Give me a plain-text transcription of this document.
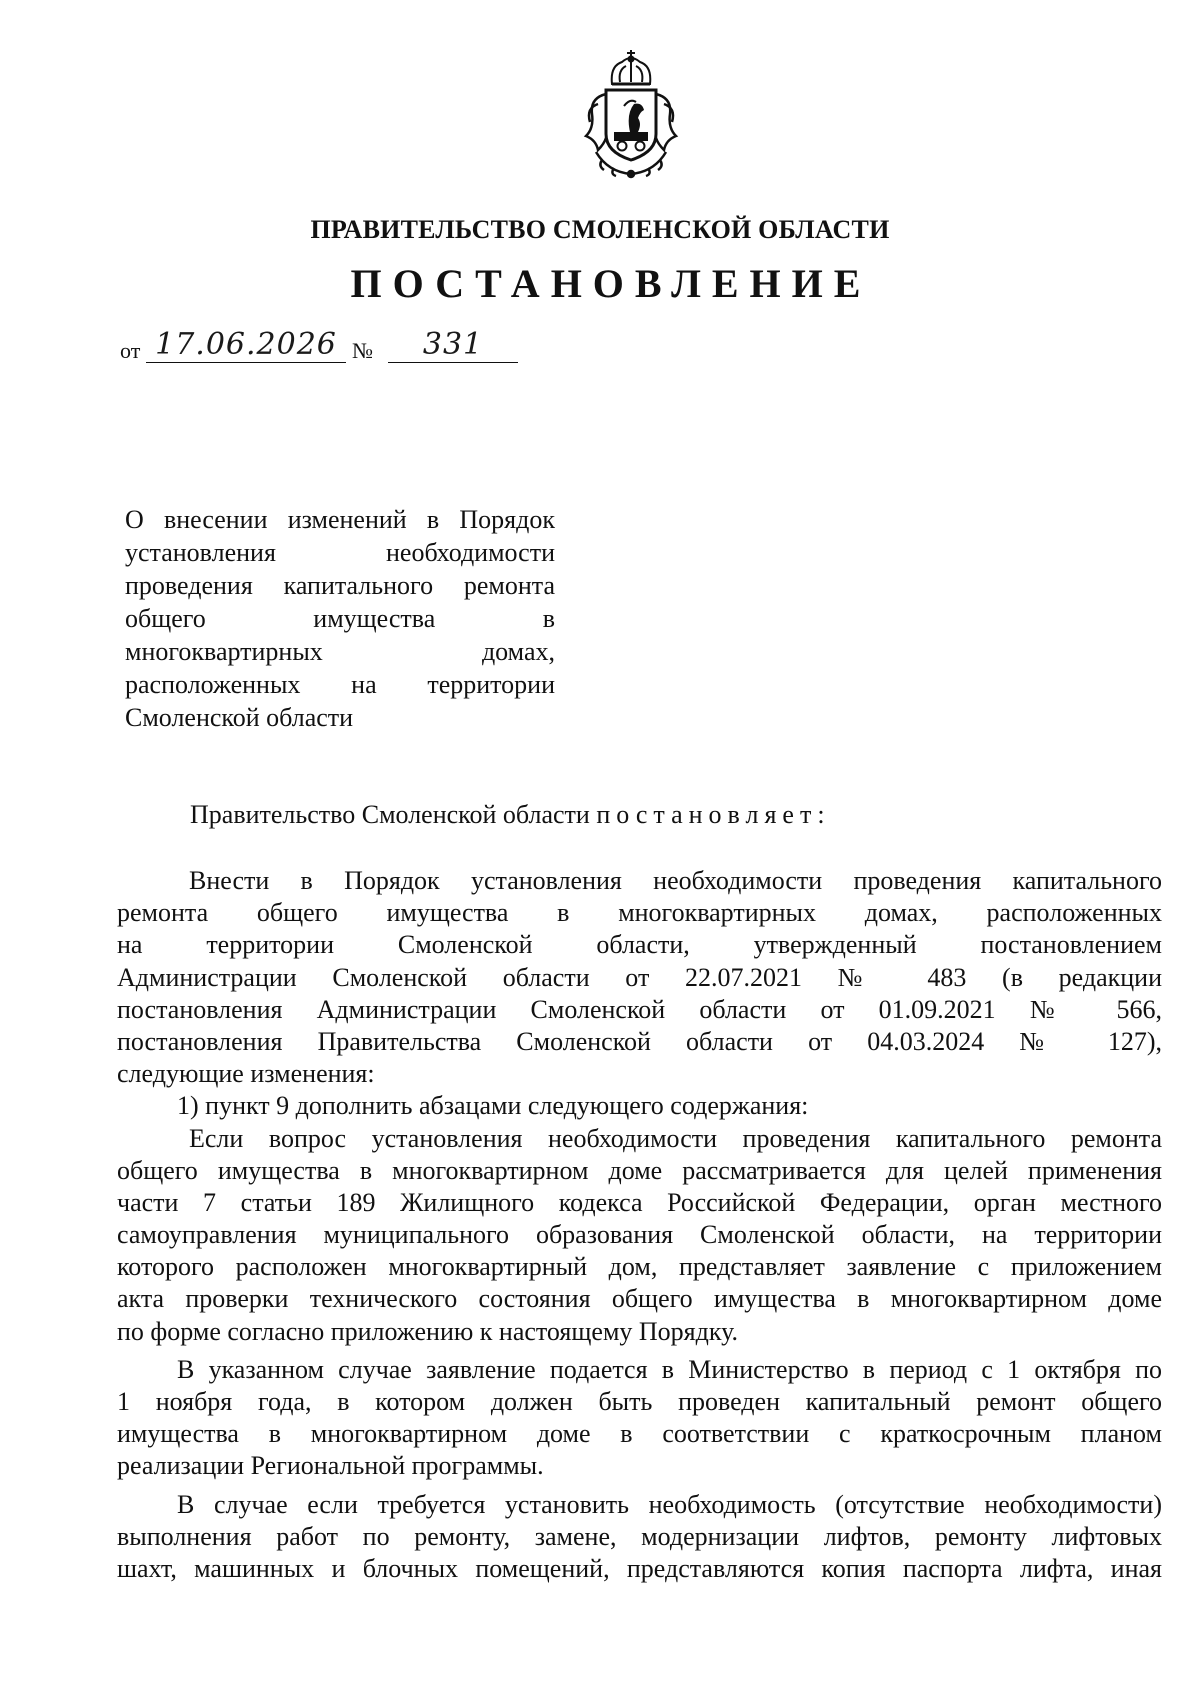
ПРАВИТЕЛЬСТВО СМОЛЕНСКОЙ ОБЛАСТИ
ПОСТАНОВЛЕНИЕ
от 17.06.2026 №	331
О внесении изменений в Порядок
установления необходимости
проведения капитального ремонта
общего имущества в
многоквартирных домах,
расположенных на территории
Смоленской области
Правительство Смоленской области постановляет:
Внести в Порядок установления необходимости проведения капитального
ремонта общего имущества в многоквартирных домах, расположенных
на территории Смоленской области, утвержденный постановлением
Администрации Смоленской области от 22.07.2021 № 483 (в редакции
постановления Администрации Смоленской области от 01.09.2021 № 566,
постановления Правительства Смоленской области от 04.03.2024 № 127),
следующие изменения:
1) пункт 9 дополнить абзацами следующего содержания:
Если вопрос установления необходимости проведения капитального ремонта
общего имущества в многоквартирном доме рассматривается для целей применения
части 7 статьи 189 Жилищного кодекса Российской Федерации, орган местного
самоуправления муниципального образования Смоленской области, на территории
которого расположен многоквартирный дом, представляет заявление с приложением
акта проверки технического состояния общего имущества в многоквартирном доме
по форме согласно приложению к настоящему Порядку.
В указанном случае заявление подается в Министерство в период с 1 октября по
1 ноября года, в котором должен быть проведен капитальный ремонт общего
имущества в многоквартирном доме в соответствии с краткосрочным планом
реализации Региональной программы.
В случае если требуется установить необходимость (отсутствие необходимости)
выполнения работ по ремонту, замене, модернизации лифтов, ремонту лифтовых
шахт, машинных и блочных помещений, представляются копия паспорта лифта, иная
